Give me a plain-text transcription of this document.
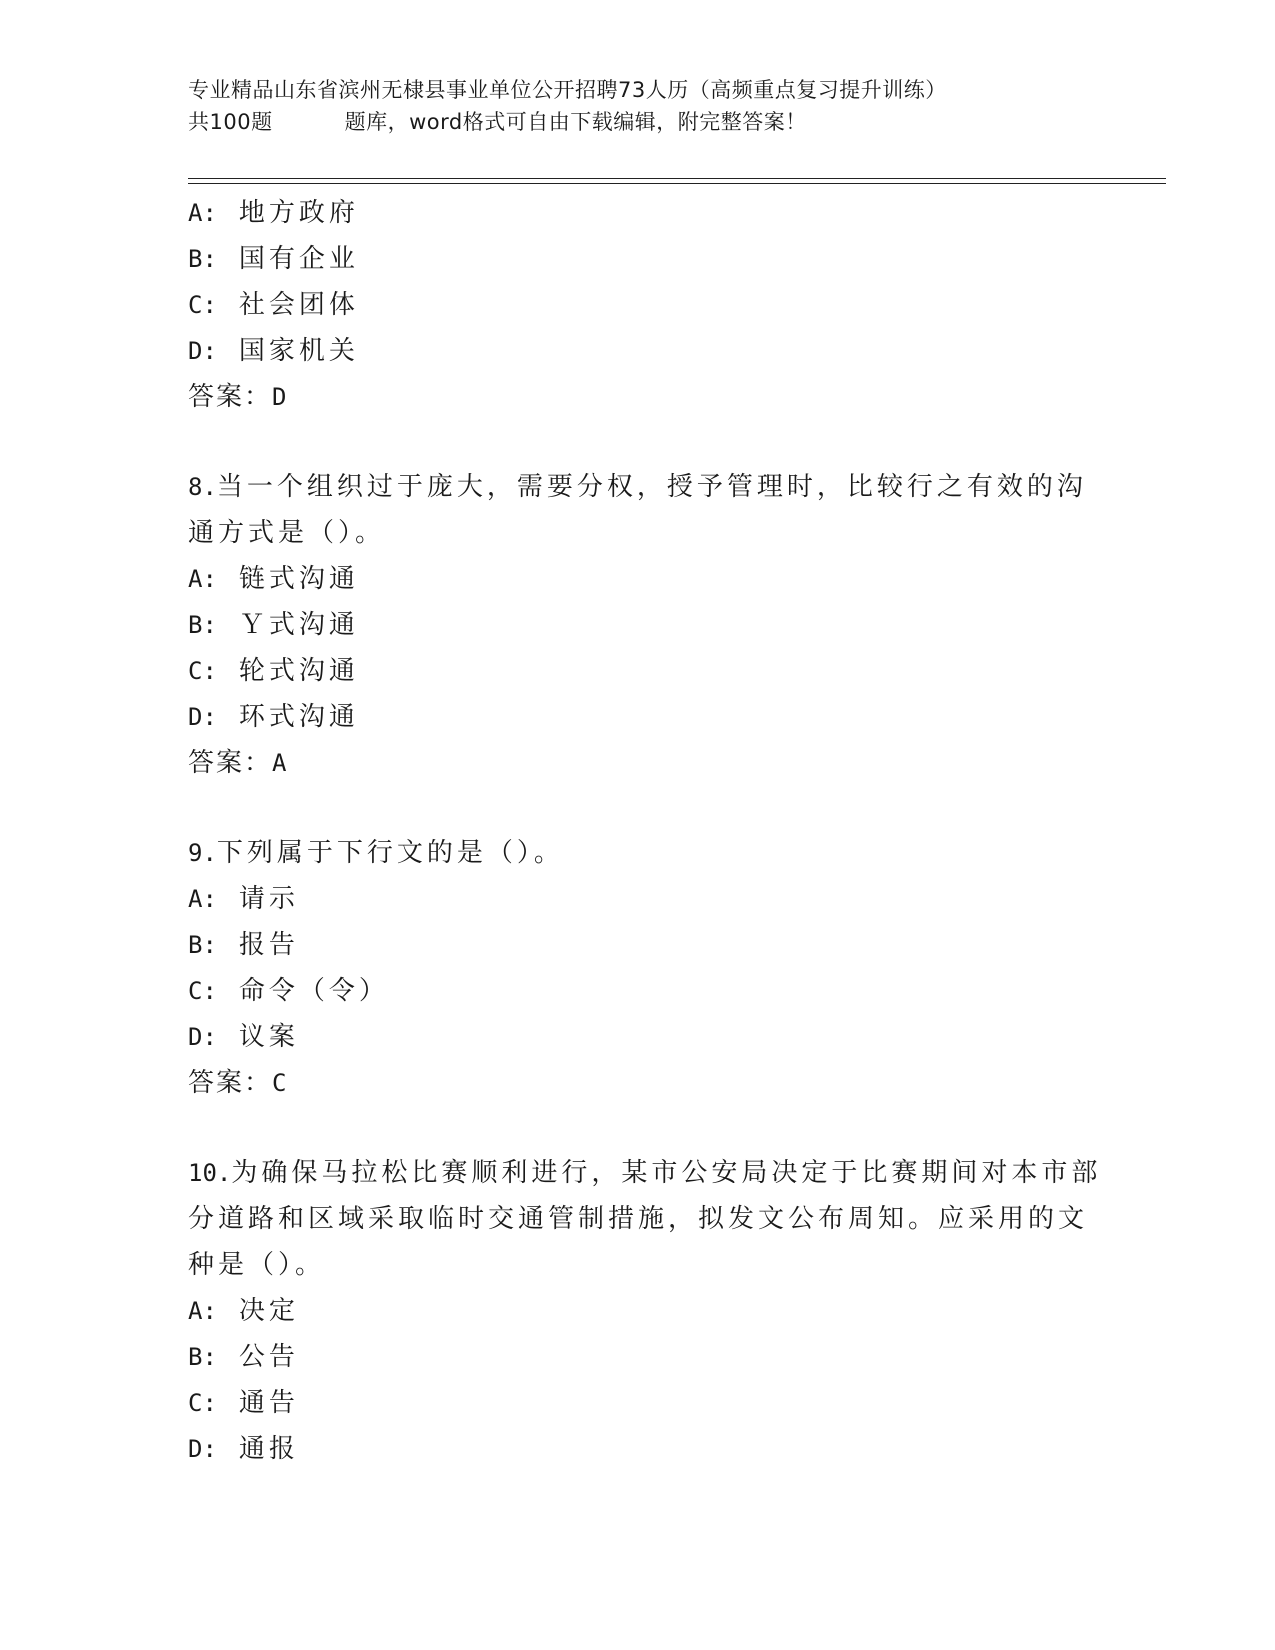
专业精品山东省滨州无棣县事业单位公开招聘73人历（高频重点复习提升训练）
共100题	题库，word格式可自由下载编辑，附完整答案！
A: 地方政府
B: 国有企业
C: 社会团体
D: 国家机关
答案：D
8.当一个组织过于庞大，需要分权，授予管理时，比较行之有效的沟
通方式是（）。
A: 链式沟通
B: Ｙ式沟通
C: 轮式沟通
D: 环式沟通
答案：A
9.下列属于下行文的是（）。
A: 请示
B: 报告
C: 命令（令）
D: 议案
答案：C
10.为确保马拉松比赛顺利进行，某市公安局决定于比赛期间对本市部
分道路和区域采取临时交通管制措施，拟发文公布周知。应采用的文
种是（）。
A: 决定
B: 公告
C: 通告
D: 通报
